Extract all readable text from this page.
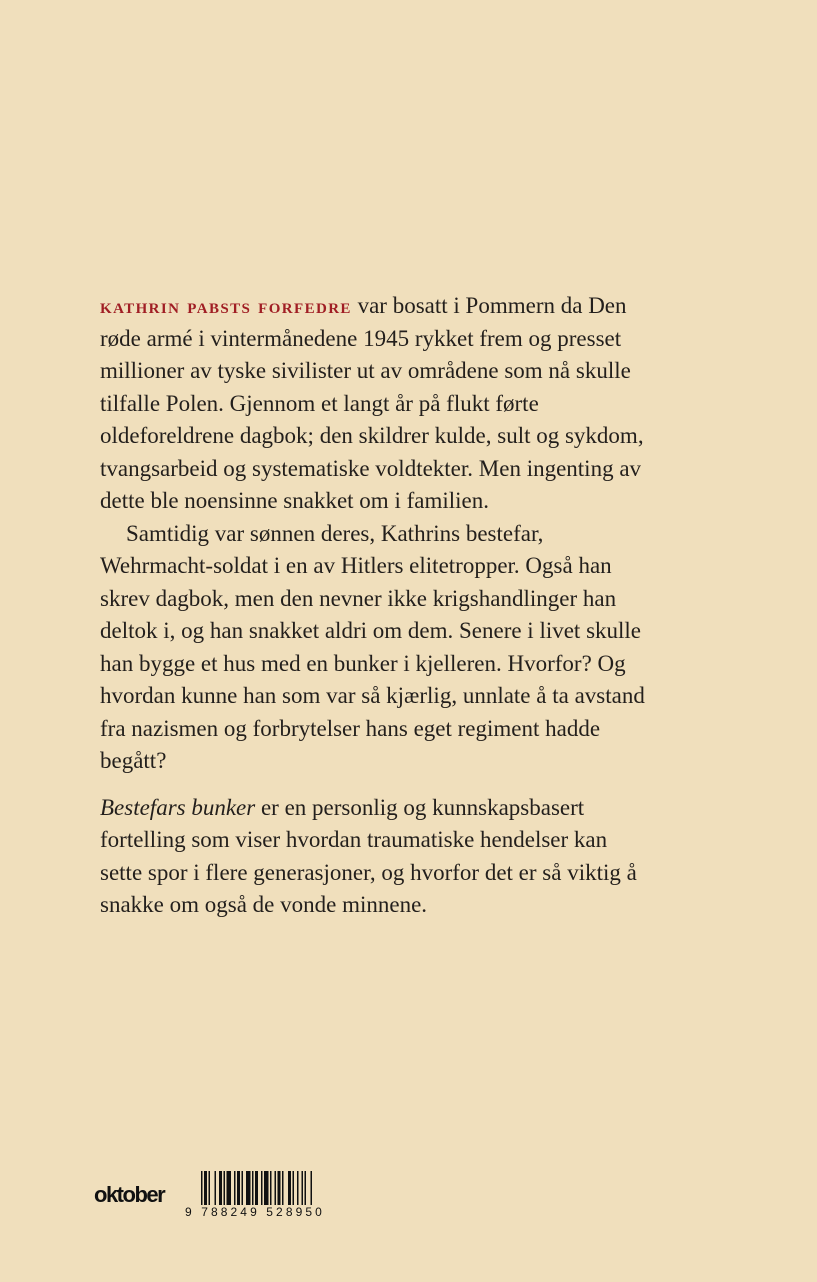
kathrin pabsts forfedre var bosatt i Pommern da Den røde armé i vintermånedene 1945 rykket frem og presset millioner av tyske sivilister ut av områdene som nå skulle tilfalle Polen. Gjennom et langt år på flukt førte oldeforeldrene dagbok; den skildrer kulde, sult og sykdom, tvangsarbeid og systematiske voldtekter. Men ingenting av dette ble noensinne snakket om i familien.

Samtidig var sønnen deres, Kathrins bestefar, Wehrmacht-soldat i en av Hitlers elitetropper. Også han skrev dagbok, men den nevner ikke krigshandlinger han deltok i, og han snakket aldri om dem. Senere i livet skulle han bygge et hus med en bunker i kjelleren. Hvorfor? Og hvordan kunne han som var så kjærlig, unnlate å ta avstand fra nazismen og forbrytelser hans eget regiment hadde begått?

Bestefars bunker er en personlig og kunnskapsbasert fortelling som viser hvordan traumatiske hendelser kan sette spor i flere generasjoner, og hvorfor det er så viktig å snakke om også de vonde minnene.

oktober
9 788249 528950
